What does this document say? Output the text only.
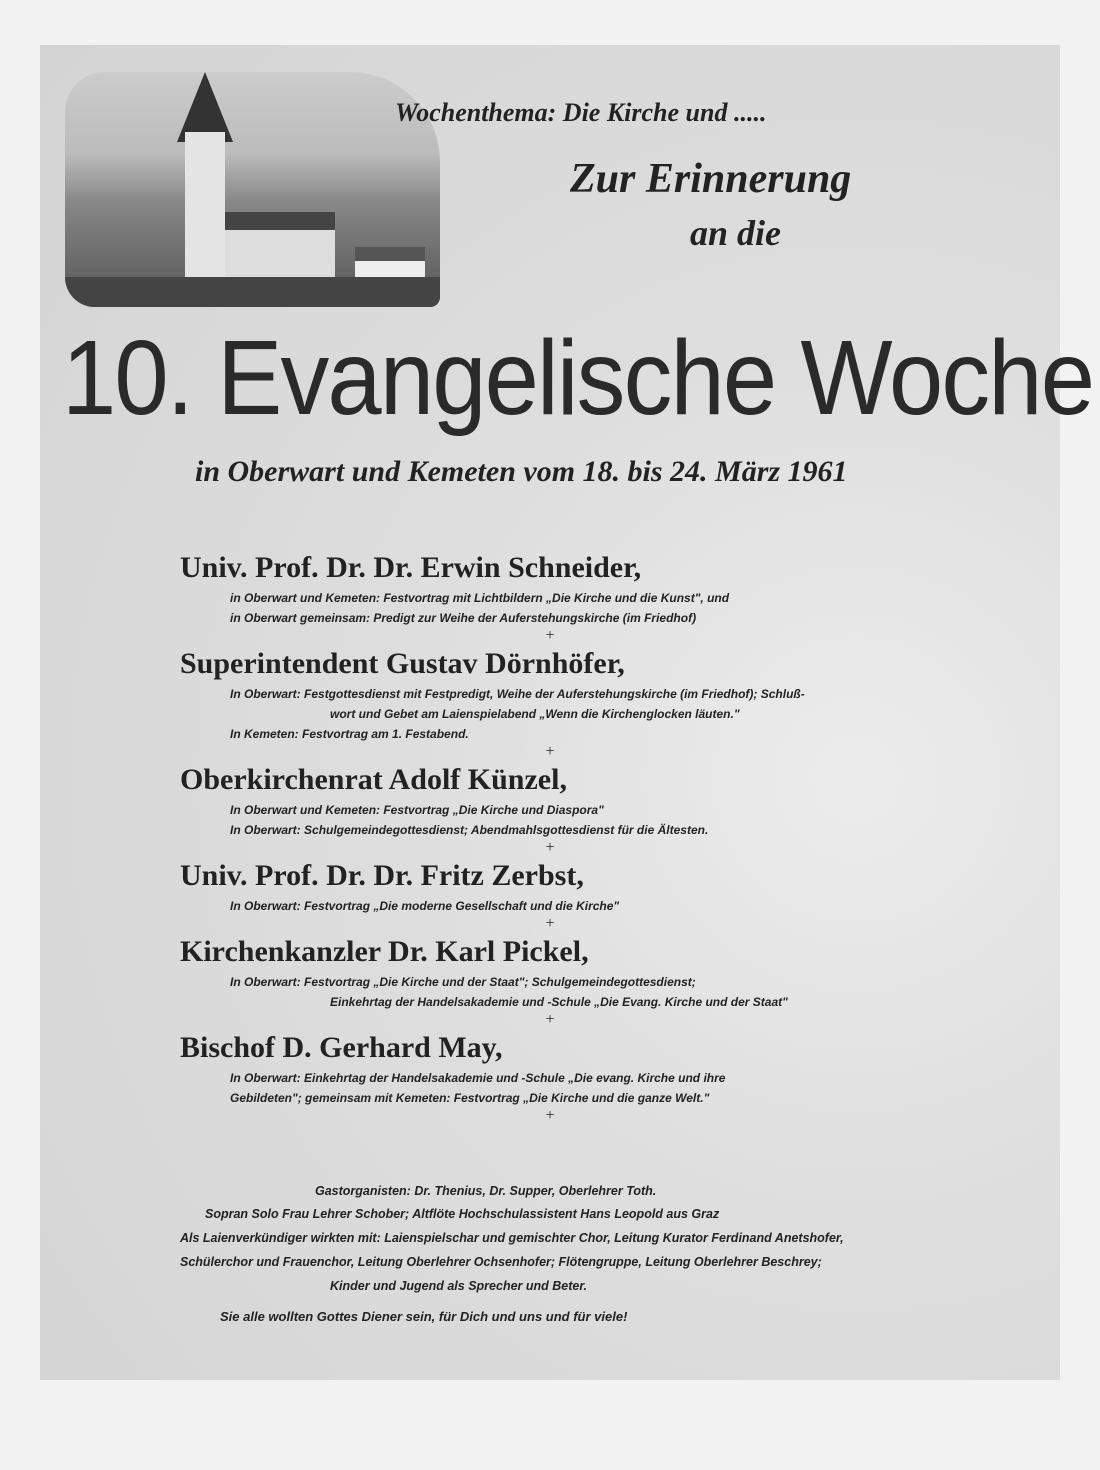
Wochenthema: Die Kirche und .....
Zur Erinnerung
an die
10. Evangelische Woche
in Oberwart und Kemeten vom 18. bis 24. März 1961
Univ. Prof. Dr. Dr. Erwin Schneider,
in Oberwart und Kemeten: Festvortrag mit Lichtbildern „Die Kirche und die Kunst", und
in Oberwart gemeinsam: Predigt zur Weihe der Auferstehungskirche (im Friedhof)
+
Superintendent Gustav Dörnhöfer,
In Oberwart: Festgottesdienst mit Festpredigt, Weihe der Auferstehungskirche (im Friedhof); Schluß-
wort und Gebet am Laienspielabend „Wenn die Kirchenglocken läuten."
In Kemeten: Festvortrag am 1. Festabend.
+
Oberkirchenrat Adolf Künzel,
In Oberwart und Kemeten: Festvortrag „Die Kirche und Diaspora"
In Oberwart: Schulgemeindegottesdienst; Abendmahlsgottesdienst für die Ältesten.
+
Univ. Prof. Dr. Dr. Fritz Zerbst,
In Oberwart: Festvortrag „Die moderne Gesellschaft und die Kirche"
+
Kirchenkanzler Dr. Karl Pickel,
In Oberwart: Festvortrag „Die Kirche und der Staat"; Schulgemeindegottesdienst;
Einkehrtag der Handelsakademie und -Schule „Die Evang. Kirche und der Staat"
+
Bischof D. Gerhard May,
In Oberwart: Einkehrtag der Handelsakademie und -Schule „Die evang. Kirche und ihre
Gebildeten"; gemeinsam mit Kemeten: Festvortrag „Die Kirche und die ganze Welt."
+
Gastorganisten: Dr. Thenius, Dr. Supper, Oberlehrer Toth.
Sopran Solo Frau Lehrer Schober; Altflöte Hochschulassistent Hans Leopold aus Graz
Als Laienverkündiger wirkten mit: Laienspielschar und gemischter Chor, Leitung Kurator Ferdinand Anetshofer,
Schülerchor und Frauenchor, Leitung Oberlehrer Ochsenhofer; Flötengruppe, Leitung Oberlehrer Beschrey;
Kinder und Jugend als Sprecher und Beter.
Sie alle wollten Gottes Diener sein, für Dich und uns und für viele!
